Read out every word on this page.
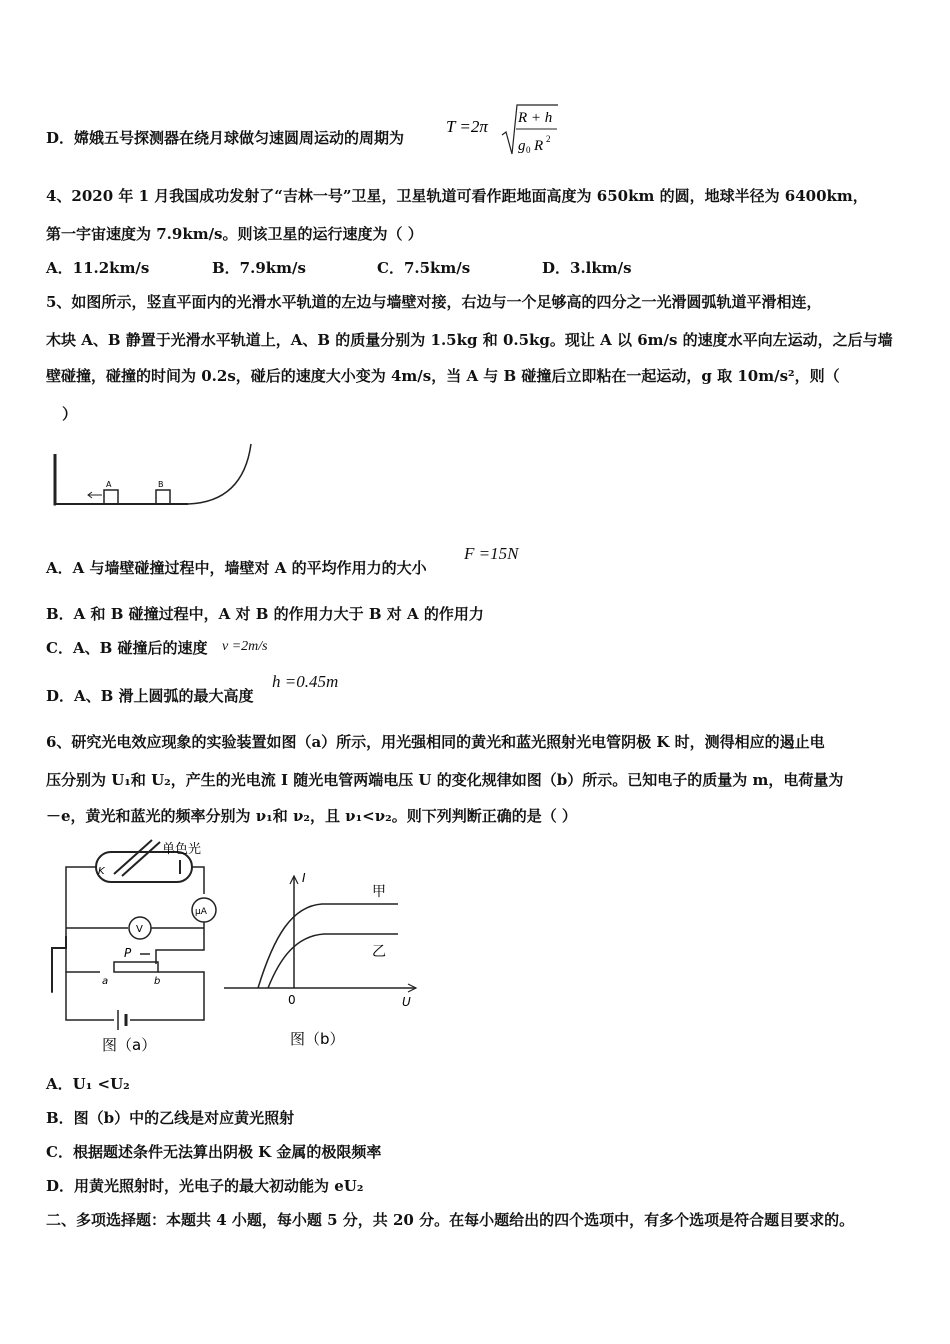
D．嫦娥五号探测器在绕月球做匀速圆周运动的周期为
T =2π R + h
g 0 R 2
4、2020 年 1 月我国成功发射了“吉林一号”卫星，卫星轨道可看作距地面高度为 650km 的圆，地球半径为 6400km，
第一宇宙速度为 7.9km/s。则该卫星的运行速度为（ ）
A．11.2km/s	B．7.9km/s	C．7.5km/s	D．3.lkm/s
5、如图所示，竖直平面内的光滑水平轨道的左边与墙壁对接，右边与一个足够高的四分之一光滑圆弧轨道平滑相连，
木块 A、B 静置于光滑水平轨道上，A、B 的质量分别为 1.5kg 和 0.5kg。现让 A 以 6m/s 的速度水平向左运动，之后与墙
壁碰撞，碰撞的时间为 0.2s，碰后的速度大小变为 4m/s，当 A 与 B 碰撞后立即粘在一起运动，g 取 10m/s²，则（
）
A	B
A．A 与墙壁碰撞过程中，墙壁对 A 的平均作用力的大小
F =15N
B．A 和 B 碰撞过程中，A 对 B 的作用力大于 B 对 A 的作用力
C．A、B 碰撞后的速度 v =2m/s
D．A、B 滑上圆弧的最大高度
h =0.45m
6、研究光电效应现象的实验装置如图（a）所示，用光强相同的黄光和蓝光照射光电管阴极 K 时，测得相应的遏止电
压分别为 U₁和 U₂，产生的光电流 I 随光电管两端电压 U 的变化规律如图（b）所示。已知电子的质量为 m，电荷量为
－e，黄光和蓝光的频率分别为 ν₁和 ν₂，且 ν₁<ν₂。则下列判断正确的是（ ）
单色光
K
μA
V
P
a	b
图（a）
I
U
0
甲
乙
图（b）
A．U₁ <U₂
B．图（b）中的乙线是对应黄光照射
C．根据题述条件无法算出阴极 K 金属的极限频率
D．用黄光照射时，光电子的最大初动能为 eU₂
二、多项选择题：本题共 4 小题，每小题 5 分，共 20 分。在每小题给出的四个选项中，有多个选项是符合题目要求的。
